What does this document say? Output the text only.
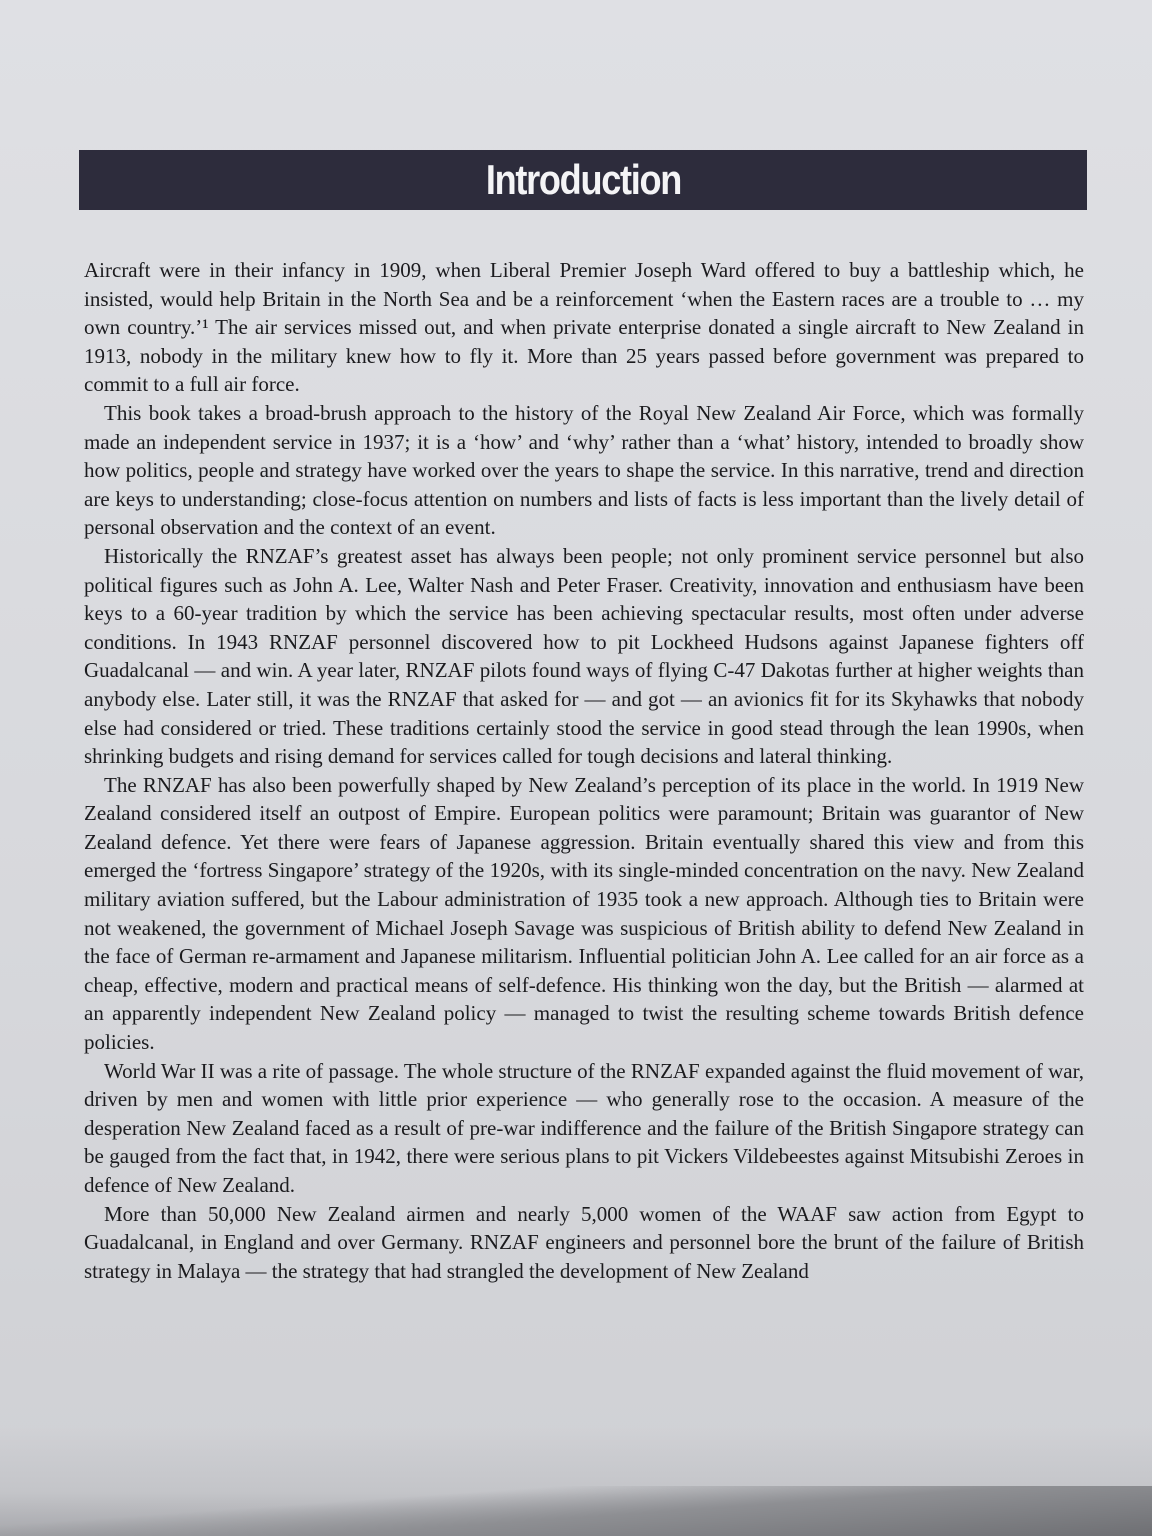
Introduction

Aircraft were in their infancy in 1909, when Liberal Premier Joseph Ward offered to buy a battleship which, he insisted, would help Britain in the North Sea and be a reinforcement ‘when the Eastern races are a trouble to … my own country.’¹ The air services missed out, and when private enterprise donated a single aircraft to New Zealand in 1913, nobody in the military knew how to fly it. More than 25 years passed before government was prepared to commit to a full air force.

This book takes a broad-brush approach to the history of the Royal New Zealand Air Force, which was formally made an independent service in 1937; it is a ‘how’ and ‘why’ rather than a ‘what’ history, intended to broadly show how politics, people and strategy have worked over the years to shape the service. In this narrative, trend and direction are keys to understanding; close-focus attention on numbers and lists of facts is less important than the lively detail of personal observation and the context of an event.

Historically the RNZAF’s greatest asset has always been people; not only prominent service personnel but also political figures such as John A. Lee, Walter Nash and Peter Fraser. Creativity, innovation and enthusiasm have been keys to a 60-year tradition by which the service has been achieving spectacular results, most often under adverse conditions. In 1943 RNZAF personnel discovered how to pit Lockheed Hudsons against Japanese fighters off Guadalcanal — and win. A year later, RNZAF pilots found ways of flying C-47 Dakotas further at higher weights than anybody else. Later still, it was the RNZAF that asked for — and got — an avionics fit for its Skyhawks that nobody else had considered or tried. These traditions certainly stood the service in good stead through the lean 1990s, when shrinking budgets and rising demand for services called for tough decisions and lateral thinking.

The RNZAF has also been powerfully shaped by New Zealand’s perception of its place in the world. In 1919 New Zealand considered itself an outpost of Empire. European politics were paramount; Britain was guarantor of New Zealand defence. Yet there were fears of Japanese aggression. Britain eventually shared this view and from this emerged the ‘fortress Singapore’ strategy of the 1920s, with its single-minded concentration on the navy. New Zealand military aviation suffered, but the Labour administration of 1935 took a new approach. Although ties to Britain were not weakened, the government of Michael Joseph Savage was suspicious of British ability to defend New Zealand in the face of German re-armament and Japanese militarism. Influential politician John A. Lee called for an air force as a cheap, effective, modern and practical means of self-defence. His thinking won the day, but the British — alarmed at an apparently independent New Zealand policy — managed to twist the resulting scheme towards British defence policies.

World War II was a rite of passage. The whole structure of the RNZAF expanded against the fluid movement of war, driven by men and women with little prior experience — who generally rose to the occasion. A measure of the desperation New Zealand faced as a result of pre-war indifference and the failure of the British Singapore strategy can be gauged from the fact that, in 1942, there were serious plans to pit Vickers Vildebeestes against Mitsubishi Zeroes in defence of New Zealand.

More than 50,000 New Zealand airmen and nearly 5,000 women of the WAAF saw action from Egypt to Guadalcanal, in England and over Germany. RNZAF engineers and personnel bore the brunt of the failure of British strategy in Malaya — the strategy that had strangled the development of New Zealand
